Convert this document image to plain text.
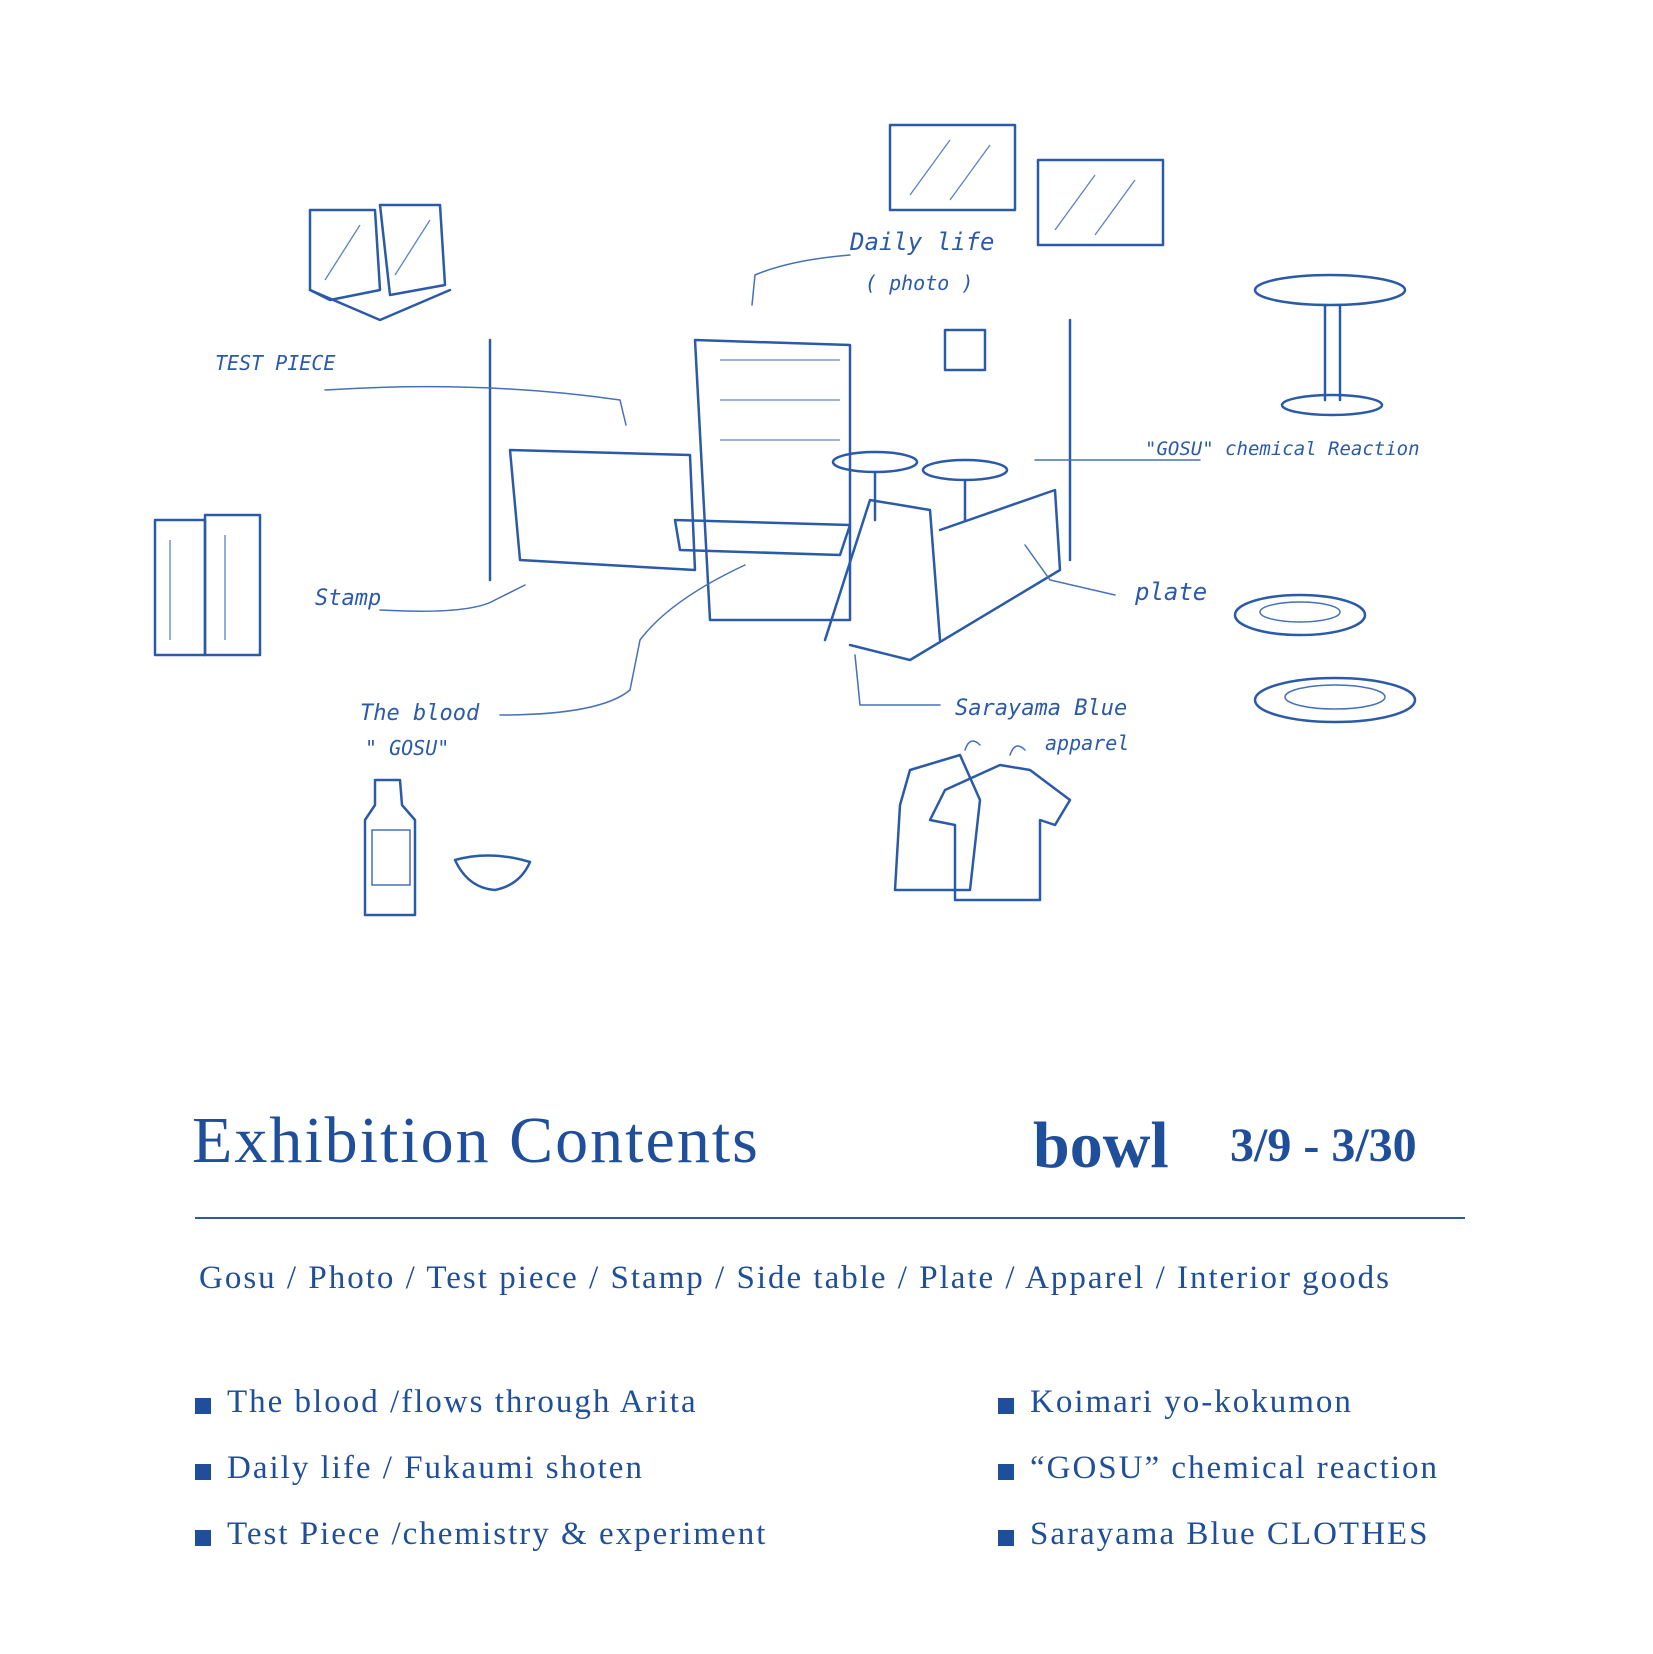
Daily life
( photo )
TEST PIECE
"GOSU" chemical Reaction
Stamp	plate
The blood
" GOSU"
Sarayama Blue
apparel
Exhibition Contents	bowl 3/9 - 3/30
Gosu / Photo / Test piece / Stamp / Side table / Plate / Apparel / Interior goods
The blood /flows through Arita
Daily life / Fukaumi shoten
Test Piece /chemistry & experiment
Koimari yo-kokumon
“GOSU” chemical reaction
Sarayama Blue CLOTHES
